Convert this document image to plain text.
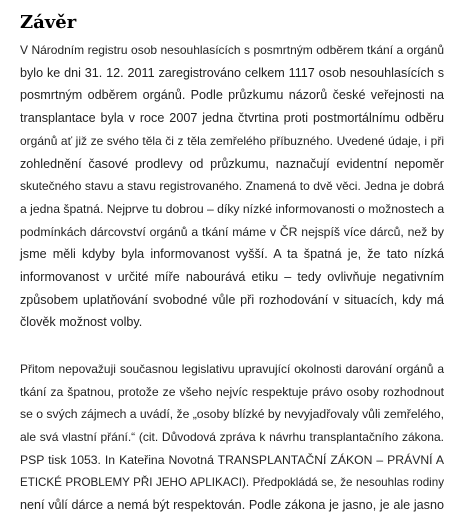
Závěr
V Národním registru osob nesouhlasících s posmrtným odběrem tkání a orgánů
bylo ke dni 31. 12. 2011 zaregistrováno celkem 1117 osob nesouhlasících s
posmrtným odběrem orgánů. Podle průzkumu názorů české veřejnosti na
transplantace byla v roce 2007 jedna čtvrtina proti postmortálnímu odběru
orgánů ať již ze svého těla či z těla zemřelého příbuzného. Uvedené údaje, i při
zohlednění časové prodlevy od průzkumu, naznačují evidentní nepoměr
skutečného stavu a stavu registrovaného. Znamená to dvě věci. Jedna je dobrá
a jedna špatná. Nejprve tu dobrou – díky nízké informovanosti o možnostech a
podmínkách dárcovství orgánů a tkání máme v ČR nejspíš více dárců, než by
jsme měli kdyby byla informovanost vyšší. A ta špatná je, že tato nízká
informovanost v určité míře nabourává etiku – tedy ovlivňuje negativním
způsobem uplatňování svobodné vůle při rozhodování v situacích, kdy má
člověk možnost volby.
Přitom nepovažuji současnou legislativu upravující okolnosti darování orgánů a
tkání za špatnou, protože ze všeho nejvíc respektuje právo osoby rozhodnout
se o svých zájmech a uvádí, že „osoby blízké by nevyjadřovaly vůli zemřelého,
ale svá vlastní přání.“ (cit. Důvodová zpráva k návrhu transplantačního zákona.
PSP tisk 1053. In Kateřina Novotná TRANSPLANTAČNÍ ZÁKON – PRÁVNÍ A
ETICKÉ PROBLEMY PŘI JEHO APLIKACI). Předpokládá se, že nesouhlas rodiny
není vůlí dárce a nemá být respektován. Podle zákona je jasno, je ale jasno
